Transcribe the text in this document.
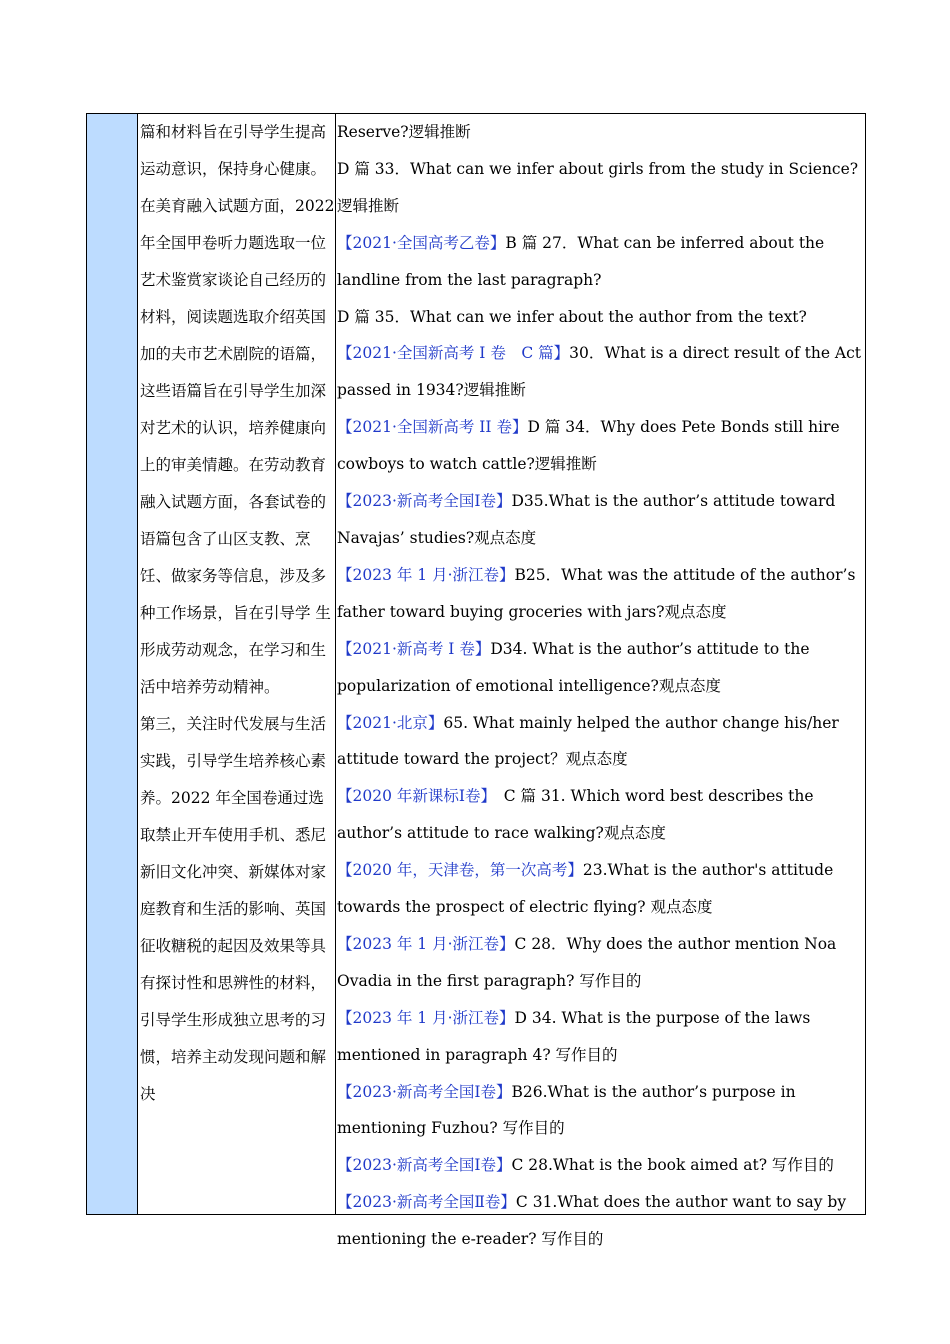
篇和材料旨在引导学生提高运动意识，保持身心健康。在美育融入试题方面，2022 年全国甲卷听力题选取一位艺术鉴赏家谈论自己经历的材料，阅读题选取介绍英国加的夫市艺术剧院的语篇，这些语篇旨在引导学生加深对艺术的认识，培养健康向上的审美情趣。在劳动教育融入试题方面，各套试卷的语篇包含了山区支教、烹饪、做家务等信息，涉及多种工作场景，旨在引导学 生形成劳动观念，在学习和生活中培养劳动精神。

第三，关注时代发展与生活实践，引导学生培养核心素养。2022 年全国卷通过选取禁止开车使用手机、悉尼新旧文化冲突、新媒体对家庭教育和生活的影响、英国征收糖税的起因及效果等具有探讨性和思辨性的材料，引导学生形成独立思考的习惯，培养主动发现问题和解决

Reserve?逻辑推断

D 篇 33．What can we infer about girls from the study in Science?逻辑推断

【2021·全国高考乙卷】B 篇 27．What can be inferred about the landline from the last paragraph?

D 篇 35．What can we infer about the author from the text?

【2021·全国新高考 I 卷　C 篇】30．What is a direct result of the Act passed in 1934?逻辑推断

【2021·全国新高考 II 卷】D 篇 34．Why does Pete Bonds still hire cowboys to watch cattle?逻辑推断

【2023·新高考全国Ⅰ卷】D35.What is the author’s attitude toward Navajas’ studies?观点态度

【2023 年 1 月·浙江卷】B25．What was the attitude of the author’s father toward buying groceries with jars?观点态度

【2021·新高考 I 卷】D34. What is the author’s attitude to the popularization of emotional intelligence?观点态度

【2021·北京】65. What mainly helped the author change his/her attitude toward the project？观点态度

【2020 年新课标Ⅰ卷】　C 篇 31. Which word best describes the author’s attitude to race walking?观点态度

【2020 年，天津卷，第一次高考】23.What is the author's attitude towards the prospect of electric flying? 观点态度

【2023 年 1 月·浙江卷】C 28．Why does the author mention Noa Ovadia in the first paragraph? 写作目的

【2023 年 1 月·浙江卷】D 34. What is the purpose of the laws mentioned in paragraph 4? 写作目的

【2023·新高考全国Ⅰ卷】B26.What is the author’s purpose in mentioning Fuzhou? 写作目的

【2023·新高考全国Ⅰ卷】C 28.What is the book aimed at? 写作目的

【2023·新高考全国Ⅱ卷】C 31.What does the author want to say by mentioning the e-reader? 写作目的
